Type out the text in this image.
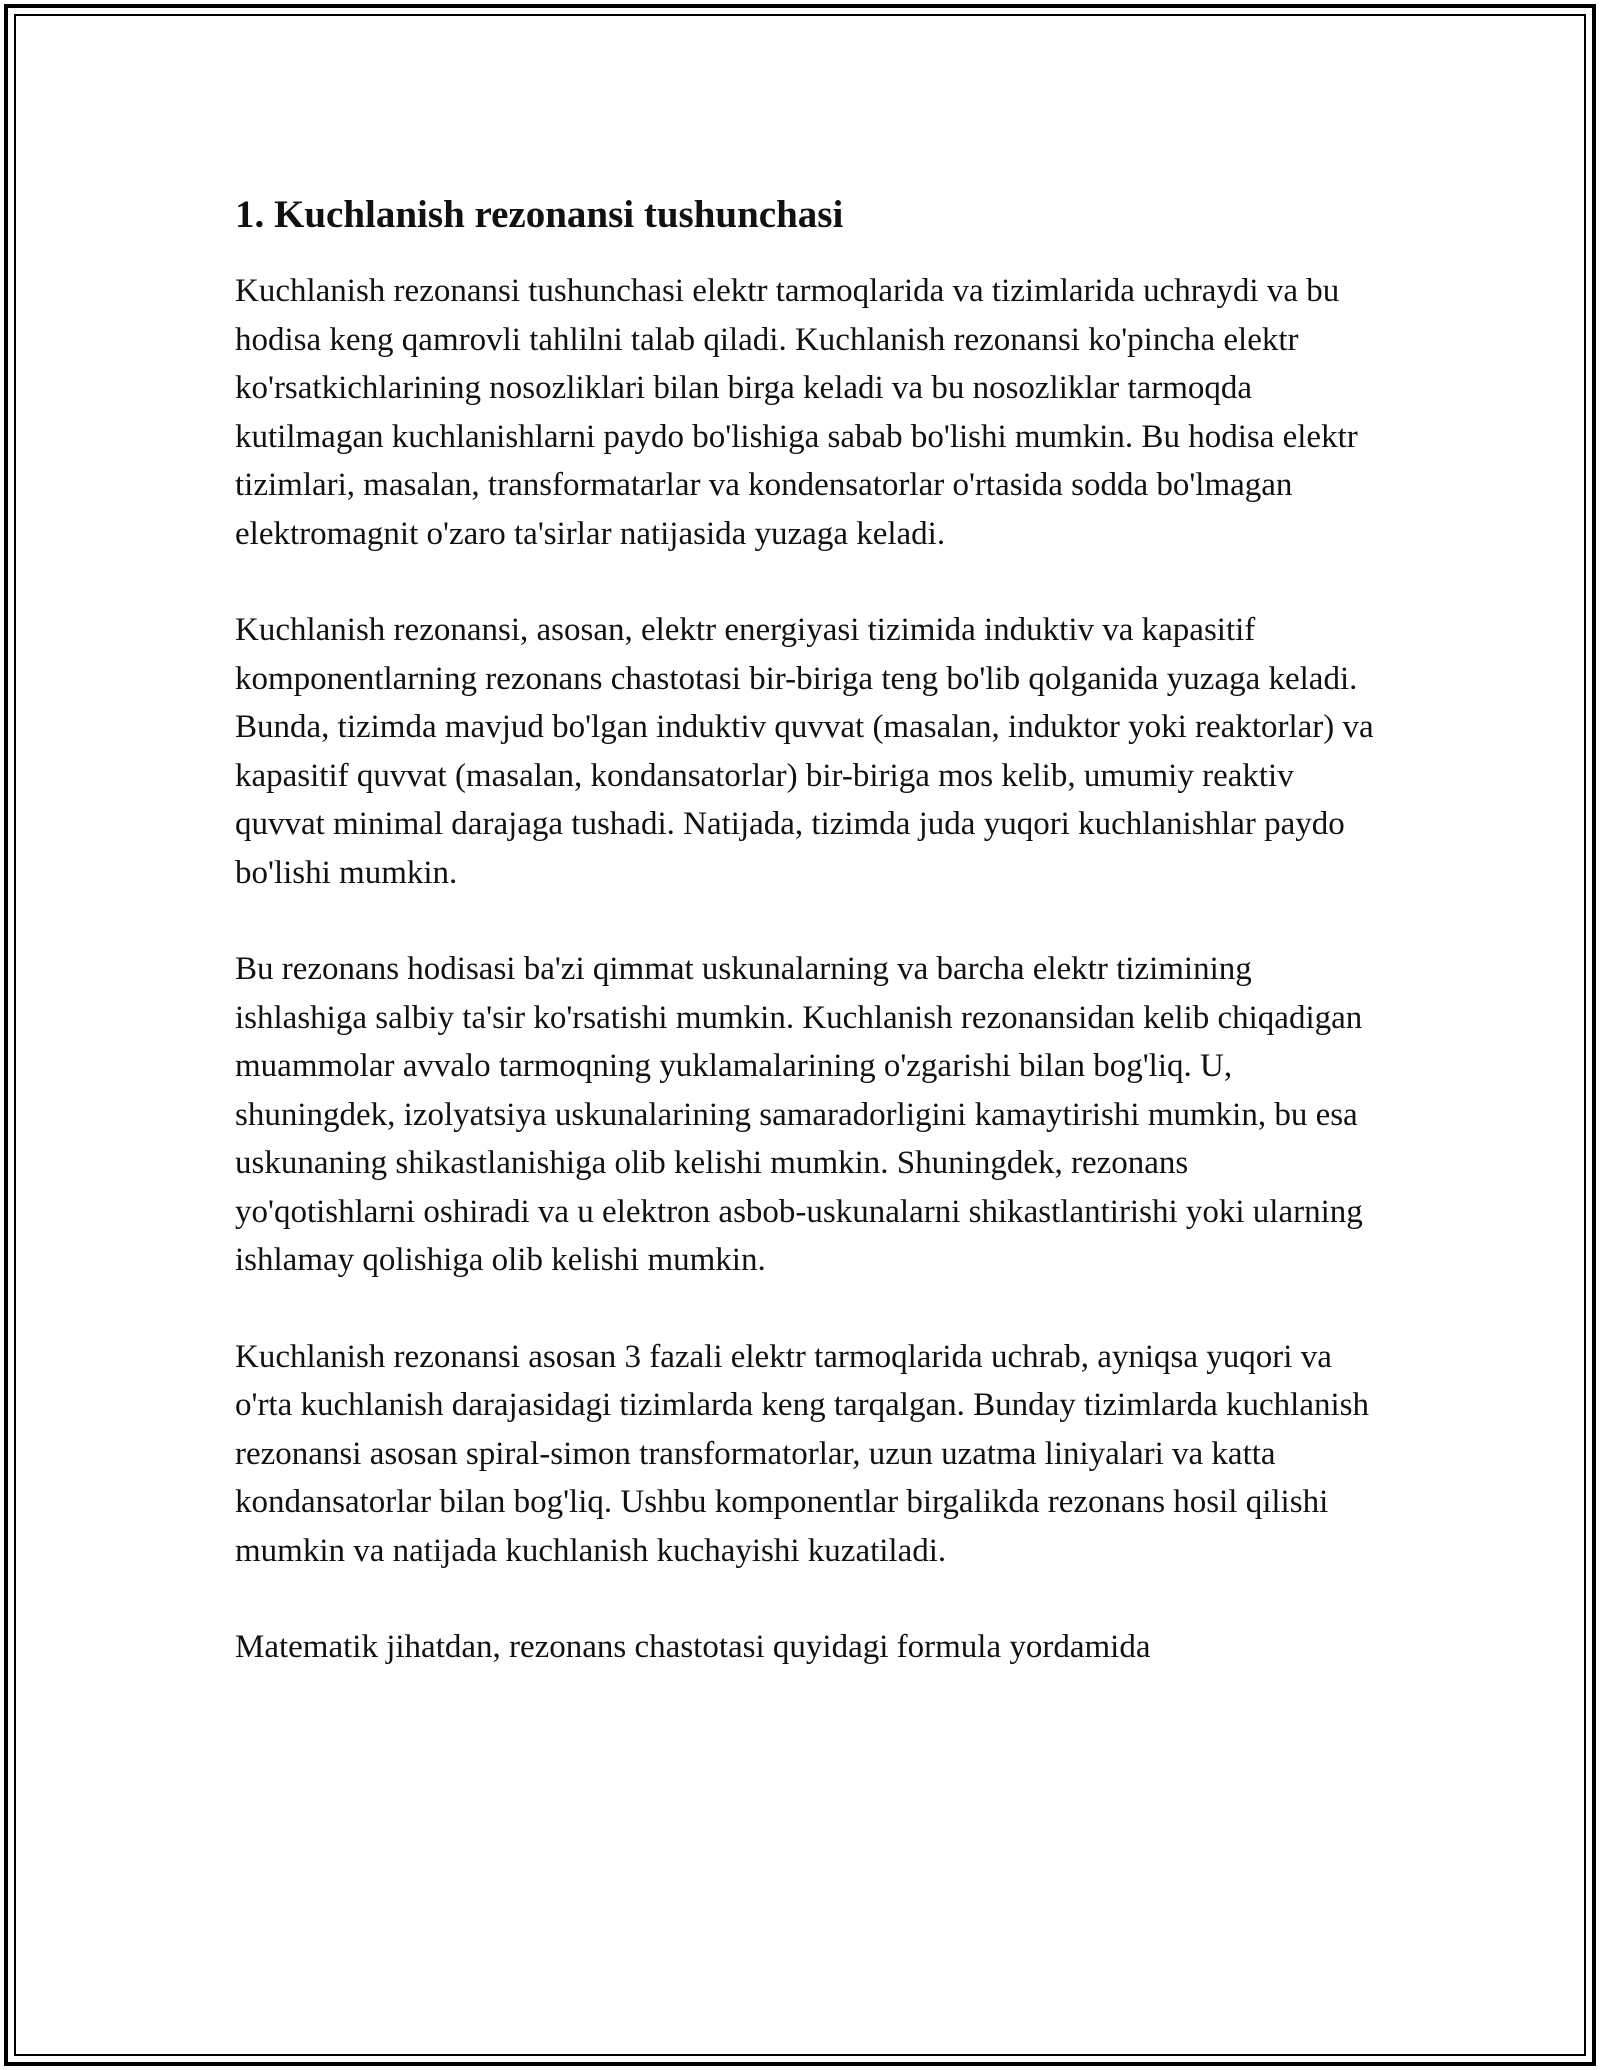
1. Kuchlanish rezonansi tushunchasi

Kuchlanish rezonansi tushunchasi elektr tarmoqlarida va tizimlarida uchraydi va bu hodisa keng qamrovli tahlilni talab qiladi. Kuchlanish rezonansi ko'pincha elektr ko'rsatkichlarining nosozliklari bilan birga keladi va bu nosozliklar tarmoqda kutilmagan kuchlanishlarni paydo bo'lishiga sabab bo'lishi mumkin. Bu hodisa elektr tizimlari, masalan, transformatarlar va kondensatorlar o'rtasida sodda bo'lmagan elektromagnit o'zaro ta'sirlar natijasida yuzaga keladi.

Kuchlanish rezonansi, asosan, elektr energiyasi tizimida induktiv va kapasitif komponentlarning rezonans chastotasi bir-biriga teng bo'lib qolganida yuzaga keladi. Bunda, tizimda mavjud bo'lgan induktiv quvvat (masalan, induktor yoki reaktorlar) va kapasitif quvvat (masalan, kondansatorlar) bir-biriga mos kelib, umumiy reaktiv quvvat minimal darajaga tushadi. Natijada, tizimda juda yuqori kuchlanishlar paydo bo'lishi mumkin.

Bu rezonans hodisasi ba'zi qimmat uskunalarning va barcha elektr tizimining ishlashiga salbiy ta'sir ko'rsatishi mumkin. Kuchlanish rezonansidan kelib chiqadigan muammolar avvalo tarmoqning yuklamalarining o'zgarishi bilan bog'liq. U, shuningdek, izolyatsiya uskunalarining samaradorligini kamaytirishi mumkin, bu esa uskunaning shikastlanishiga olib kelishi mumkin. Shuningdek, rezonans yo'qotishlarni oshiradi va u elektron asbob-uskunalarni shikastlantirishi yoki ularning ishlamay qolishiga olib kelishi mumkin.

Kuchlanish rezonansi asosan 3 fazali elektr tarmoqlarida uchrab, ayniqsa yuqori va o'rta kuchlanish darajasidagi tizimlarda keng tarqalgan. Bunday tizimlarda kuchlanish rezonansi asosan spiral-simon transformatorlar, uzun uzatma liniyalari va katta kondansatorlar bilan bog'liq. Ushbu komponentlar birgalikda rezonans hosil qilishi mumkin va natijada kuchlanish kuchayishi kuzatiladi.

Matematik jihatdan, rezonans chastotasi quyidagi formula yordamida
